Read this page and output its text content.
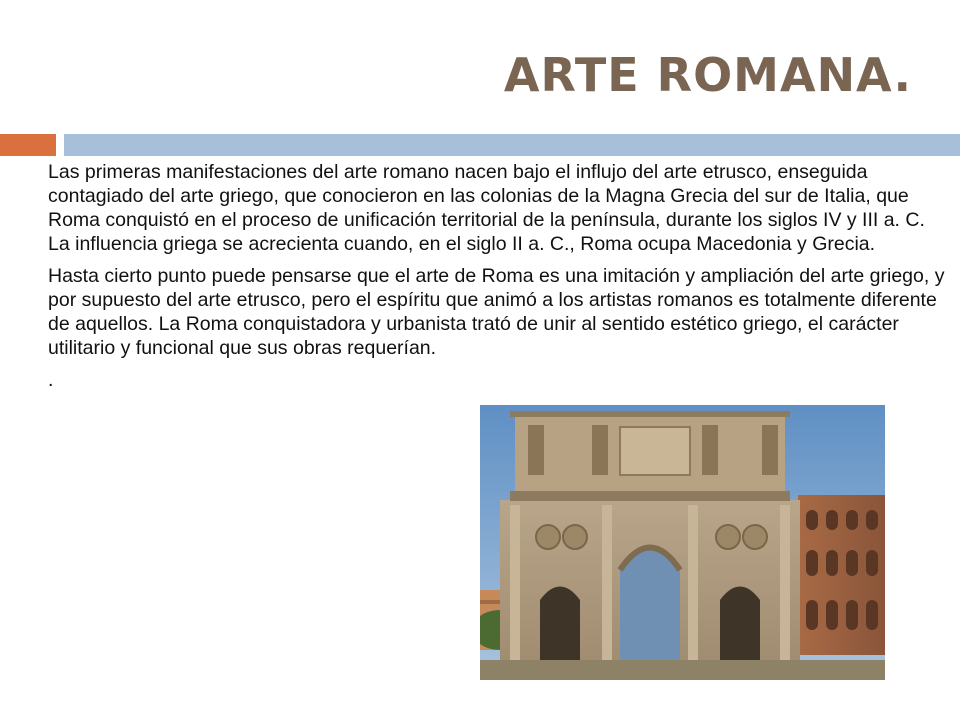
ARTE ROMANA.

Las primeras manifestaciones del arte romano nacen bajo el influjo del arte etrusco, enseguida contagiado del arte griego, que conocieron en las colonias de la Magna Grecia del sur de Italia, que Roma conquistó en el proceso de unificación territorial de la península, durante los siglos IV y III a. C. La influencia griega se acrecienta cuando, en el siglo II a. C., Roma ocupa Macedonia y Grecia.

Hasta cierto punto puede pensarse que el arte de Roma es una imitación y ampliación del arte griego, y por supuesto del arte etrusco, pero el espíritu que animó a los artistas romanos es totalmente diferente de aquellos. La Roma conquistadora y urbanista trató de unir al sentido estético griego, el carácter utilitario y funcional que sus obras requerían.

.
